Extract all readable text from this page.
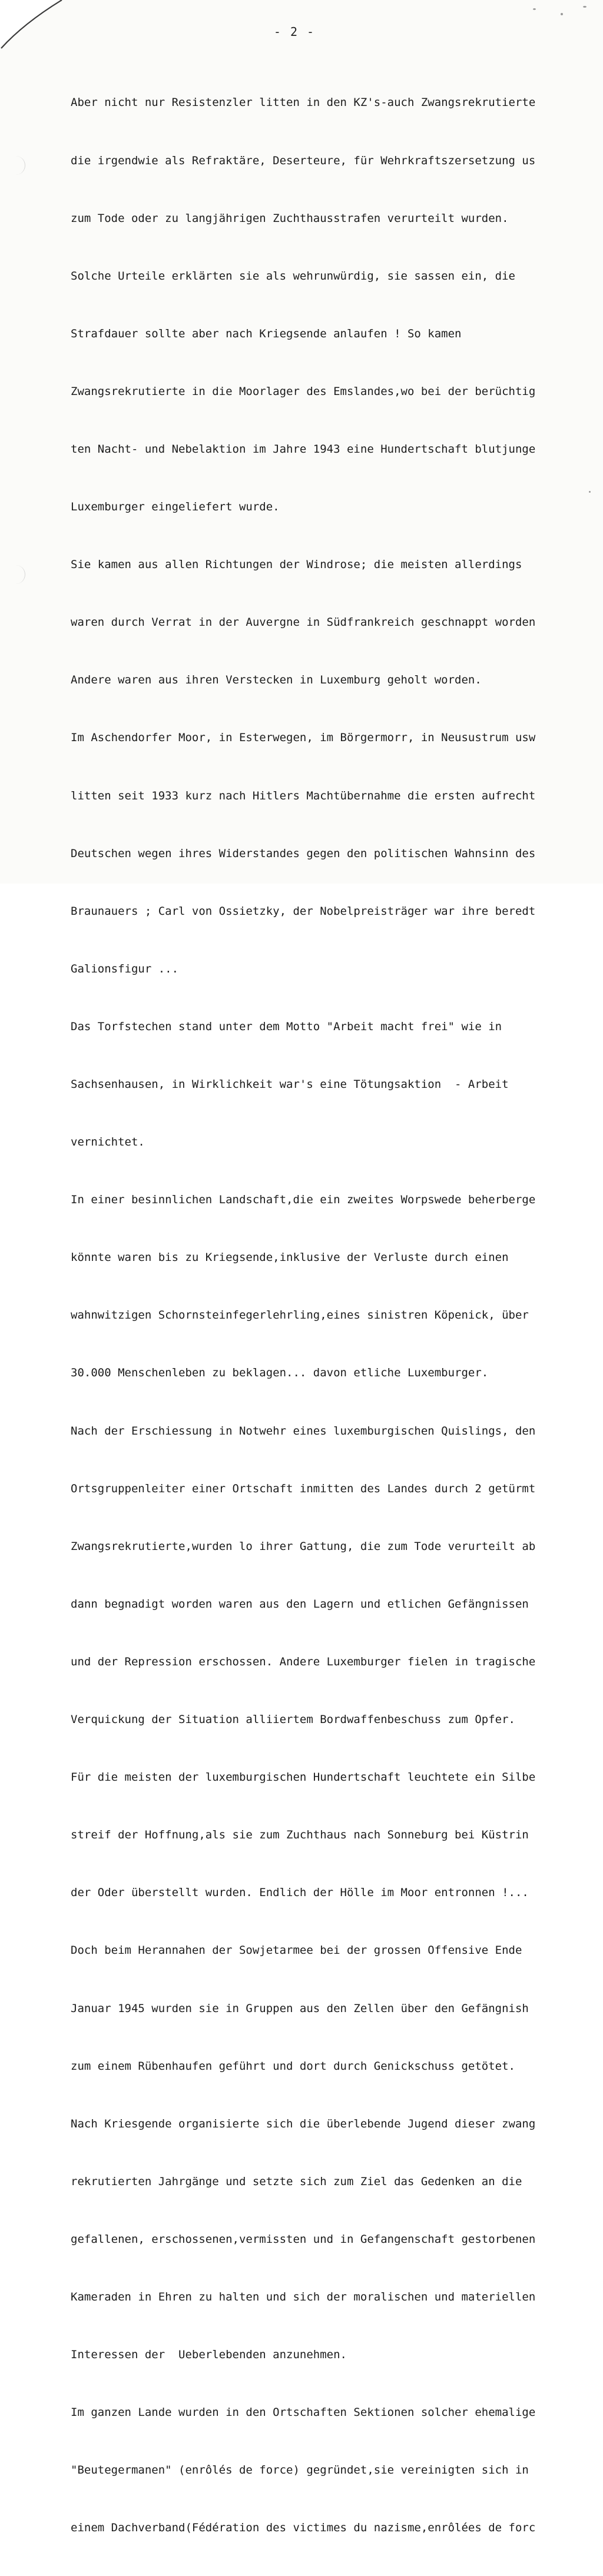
- 2 -

Aber nicht nur Resistenzler litten in den KZ's-auch Zwangsrekrutierte

die irgendwie als Refraktäre, Deserteure, für Wehrkraftszersetzung us

zum Tode oder zu langjährigen Zuchthausstrafen verurteilt wurden.

Solche Urteile erklärten sie als wehrunwürdig, sie sassen ein, die

Strafdauer sollte aber nach Kriegsende anlaufen ! So kamen

Zwangsrekrutierte in die Moorlager des Emslandes,wo bei der berüchtig

ten Nacht- und Nebelaktion im Jahre 1943 eine Hundertschaft blutjunge

Luxemburger eingeliefert wurde.

Sie kamen aus allen Richtungen der Windrose; die meisten allerdings

waren durch Verrat in der Auvergne in Südfrankreich geschnappt worden

Andere waren aus ihren Verstecken in Luxemburg geholt worden.

Im Aschendorfer Moor, in Esterwegen, im Börgermorr, in Neusustrum usw

litten seit 1933 kurz nach Hitlers Machtübernahme die ersten aufrecht

Deutschen wegen ihres Widerstandes gegen den politischen Wahnsinn des

Braunauers ; Carl von Ossietzky, der Nobelpreisträger war ihre beredt

Galionsfigur ...

Das Torfstechen stand unter dem Motto "Arbeit macht frei" wie in

Sachsenhausen, in Wirklichkeit war's eine Tötungsaktion  - Arbeit

vernichtet.

In einer besinnlichen Landschaft,die ein zweites Worpswede beherberge

könnte waren bis zu Kriegsende,inklusive der Verluste durch einen

wahnwitzigen Schornsteinfegerlehrling,eines sinistren Köpenick, über

30.000 Menschenleben zu beklagen... davon etliche Luxemburger.

Nach der Erschiessung in Notwehr eines luxemburgischen Quislings, den

Ortsgruppenleiter einer Ortschaft inmitten des Landes durch 2 getürmt

Zwangsrekrutierte,wurden lo ihrer Gattung, die zum Tode verurteilt ab

dann begnadigt worden waren aus den Lagern und etlichen Gefängnissen

und der Repression erschossen. Andere Luxemburger fielen in tragische

Verquickung der Situation alliiertem Bordwaffenbeschuss zum Opfer.

Für die meisten der luxemburgischen Hundertschaft leuchtete ein Silbe

streif der Hoffnung,als sie zum Zuchthaus nach Sonneburg bei Küstrin

der Oder überstellt wurden. Endlich der Hölle im Moor entronnen !...

Doch beim Herannahen der Sowjetarmee bei der grossen Offensive Ende

Januar 1945 wurden sie in Gruppen aus den Zellen über den Gefängnish

zum einem Rübenhaufen geführt und dort durch Genickschuss getötet.

Nach Kriesgende organisierte sich die überlebende Jugend dieser zwang

rekrutierten Jahrgänge und setzte sich zum Ziel das Gedenken an die

gefallenen, erschossenen,vermissten und in Gefangenschaft gestorbenen

Kameraden in Ehren zu halten und sich der moralischen und materiellen

Interessen der  Ueberlebenden anzunehmen.

Im ganzen Lande wurden in den Ortschaften Sektionen solcher ehemalige

"Beutegermanen" (enrôlés de force) gegründet,sie vereinigten sich in

einem Dachverband(Fédération des victimes du nazisme,enrôlées de forc
